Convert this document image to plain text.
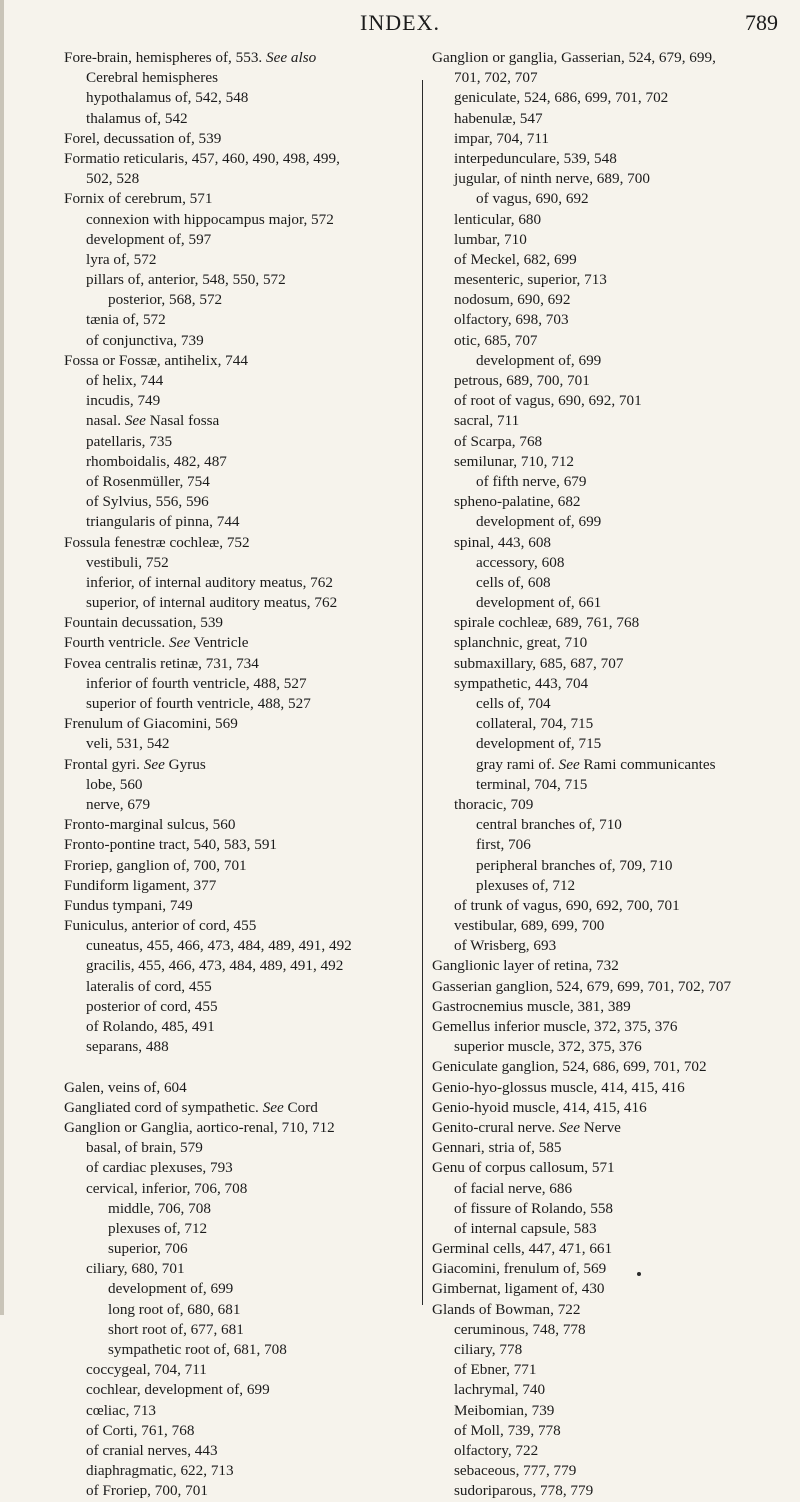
INDEX.	789
Fore-brain, hemispheres of, 553. See also
Cerebral hemispheres
hypothalamus of, 542, 548
thalamus of, 542
Forel, decussation of, 539
Formatio reticularis, 457, 460, 490, 498, 499,
502, 528
Fornix of cerebrum, 571
connexion with hippocampus major, 572
development of, 597
lyra of, 572
pillars of, anterior, 548, 550, 572
posterior, 568, 572
tænia of, 572
of conjunctiva, 739
Fossa or Fossæ, antihelix, 744
of helix, 744
incudis, 749
nasal. See Nasal fossa
patellaris, 735
rhomboidalis, 482, 487
of Rosenmüller, 754
of Sylvius, 556, 596
triangularis of pinna, 744
Fossula fenestræ cochleæ, 752
vestibuli, 752
inferior, of internal auditory meatus, 762
superior, of internal auditory meatus, 762
Fountain decussation, 539
Fourth ventricle. See Ventricle
Fovea centralis retinæ, 731, 734
inferior of fourth ventricle, 488, 527
superior of fourth ventricle, 488, 527
Frenulum of Giacomini, 569
veli, 531, 542
Frontal gyri. See Gyrus
lobe, 560
nerve, 679
Fronto-marginal sulcus, 560
Fronto-pontine tract, 540, 583, 591
Froriep, ganglion of, 700, 701
Fundiform ligament, 377
Fundus tympani, 749
Funiculus, anterior of cord, 455
cuneatus, 455, 466, 473, 484, 489, 491, 492
gracilis, 455, 466, 473, 484, 489, 491, 492
lateralis of cord, 455
posterior of cord, 455
of Rolando, 485, 491
separans, 488
Galen, veins of, 604
Gangliated cord of sympathetic. See Cord
Ganglion or Ganglia, aortico-renal, 710, 712
basal, of brain, 579
of cardiac plexuses, 793
cervical, inferior, 706, 708
middle, 706, 708
plexuses of, 712
superior, 706
ciliary, 680, 701
development of, 699
long root of, 680, 681
short root of, 677, 681
sympathetic root of, 681, 708
coccygeal, 704, 711
cochlear, development of, 699
cœliac, 713
of Corti, 761, 768
of cranial nerves, 443
diaphragmatic, 622, 713
of Froriep, 700, 701
Ganglion or ganglia, Gasserian, 524, 679, 699,
701, 702, 707
geniculate, 524, 686, 699, 701, 702
habenulæ, 547
impar, 704, 711
interpedunculare, 539, 548
jugular, of ninth nerve, 689, 700
of vagus, 690, 692
lenticular, 680
lumbar, 710
of Meckel, 682, 699
mesenteric, superior, 713
nodosum, 690, 692
olfactory, 698, 703
otic, 685, 707
development of, 699
petrous, 689, 700, 701
of root of vagus, 690, 692, 701
sacral, 711
of Scarpa, 768
semilunar, 710, 712
of fifth nerve, 679
spheno-palatine, 682
development of, 699
spinal, 443, 608
accessory, 608
cells of, 608
development of, 661
spirale cochleæ, 689, 761, 768
splanchnic, great, 710
submaxillary, 685, 687, 707
sympathetic, 443, 704
cells of, 704
collateral, 704, 715
development of, 715
gray rami of. See Rami communicantes
terminal, 704, 715
thoracic, 709
central branches of, 710
first, 706
peripheral branches of, 709, 710
plexuses of, 712
of trunk of vagus, 690, 692, 700, 701
vestibular, 689, 699, 700
of Wrisberg, 693
Ganglionic layer of retina, 732
Gasserian ganglion, 524, 679, 699, 701, 702, 707
Gastrocnemius muscle, 381, 389
Gemellus inferior muscle, 372, 375, 376
superior muscle, 372, 375, 376
Geniculate ganglion, 524, 686, 699, 701, 702
Genio-hyo-glossus muscle, 414, 415, 416
Genio-hyoid muscle, 414, 415, 416
Genito-crural nerve. See Nerve
Gennari, stria of, 585
Genu of corpus callosum, 571
of facial nerve, 686
of fissure of Rolando, 558
of internal capsule, 583
Germinal cells, 447, 471, 661
Giacomini, frenulum of, 569
Gimbernat, ligament of, 430
Glands of Bowman, 722
ceruminous, 748, 778
ciliary, 778
of Ebner, 771
lachrymal, 740
Meibomian, 739
of Moll, 739, 778
olfactory, 722
sebaceous, 777, 779
sudoriparous, 778, 779
